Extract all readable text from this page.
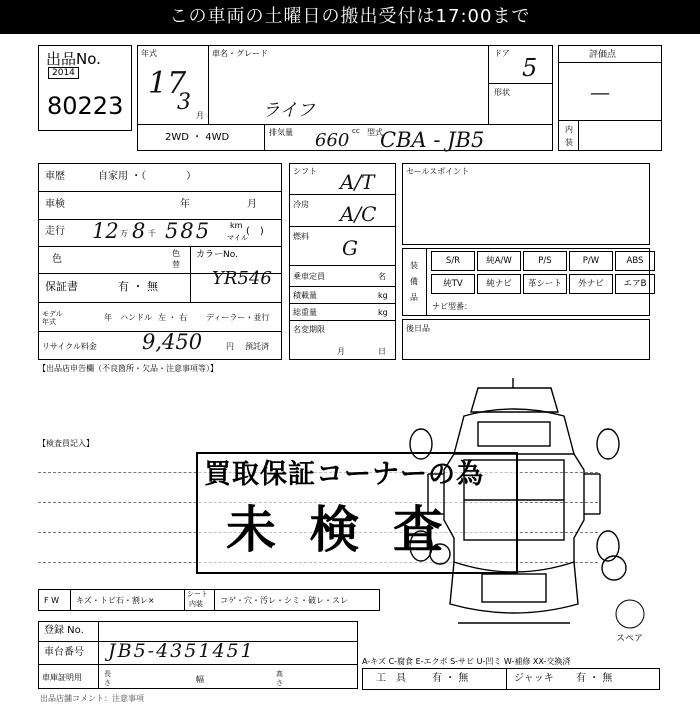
この車両の土曜日の搬出受付は17:00まで
出品No.
2014
80223
年式
17
3
月
車名・グレード
ライフ
ドア
5
形状
2WD ・ 4WD	排気量 660 cc 型式
CBA - JB5
評価点
—
内
装
車歴	自家用 ・（　　　　）
車検	年	月
走行 12 万 8 千 585 km
マイル
(　)
色
色替
カラーNo.
YR546
保証書	有 ・ 無
モデル年式	年 ハンドル 左 ・ 右 ディーラー・並行
リサイクル料金 9,450	円 預託済
シフト A/T
冷房 A/C
燃料 G
乗車定員	名
積載量	kg
総重量	kg
名変期限
月	日
セールスポイント
装
備
品
S/R	純A/W	P/S	P/W	ABS
純TV	純ナビ	革シート	外ナビ	エアB
ナビ型番：
後日品
【出品店申告欄（不良箇所・欠品・注意事項等）】
【検査員記入】
買取保証コーナーの為
未 検 査
F W キズ・トビ石・割レ×
シート
内装 コゲ・穴・汚レ・シミ・破レ・スレ
登録 No.
車台番号 JB5-4351451
車庫証明用	長さ	幅
高さ
スペア
A-キズ C-腐食 E-エクボ S-サビ U-凹ミ W-補修 XX-交換済
工　具	有 ・ 無	ジャッキ 有 ・ 無
出品店舗コメント：注意事項
